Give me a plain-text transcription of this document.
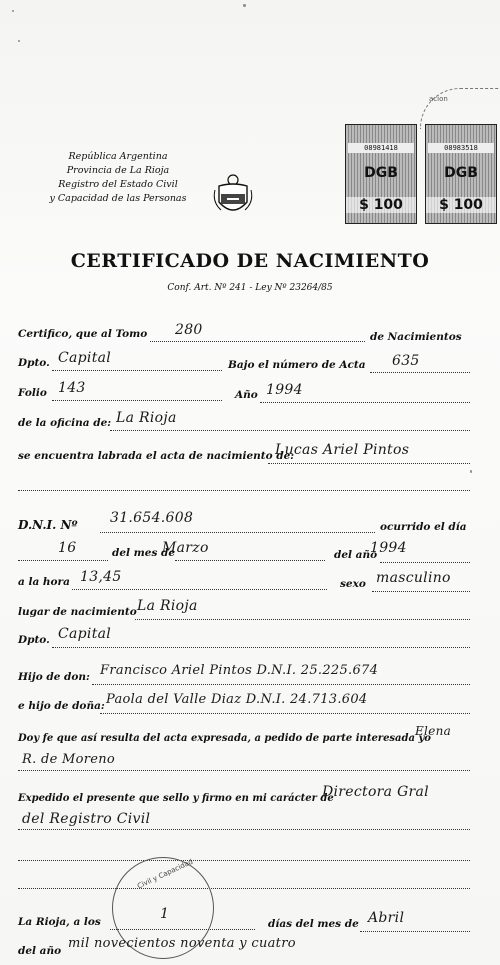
República Argentina
Provincia de La Rioja
Registro del Estado Civil
y Capacidad de las Personas
acion
08981418
DGB
$ 100
08983518
DGB
$ 100
CERTIFICADO DE NACIMIENTO
Conf. Art. Nº 241 - Ley Nº 23264/85
Certifico, que al Tomo 280	de Nacimientos
Dpto. Capital	Bajo el número de Acta 635
Folio 143	Año 1994
de la oficina de: La Rioja
se encuentra labrada el acta de nacimiento de:
Lucas Ariel Pintos
D.N.I. Nº 31.654.608
ocurrido el día
16	del mes de
Marzo	del año
1994
a la hora 13,45	sexo masculino
lugar de nacimiento La Rioja
Dpto. Capital
Hijo de don: Francisco Ariel Pintos D.N.I. 25.225.674
e hijo de doña: Paola del Valle Diaz D.N.I. 24.713.604
Doy fe que así resulta del acta expresada, a pedido de parte interesada yo
Elena
R. de Moreno
Expedido el presente que sello y firmo en mi carácter de
Directora Gral
del Registro Civil
Civil y Capacidad
La Rioja, a los	1
días del mes de Abril
del año mil novecientos noventa y cuatro
